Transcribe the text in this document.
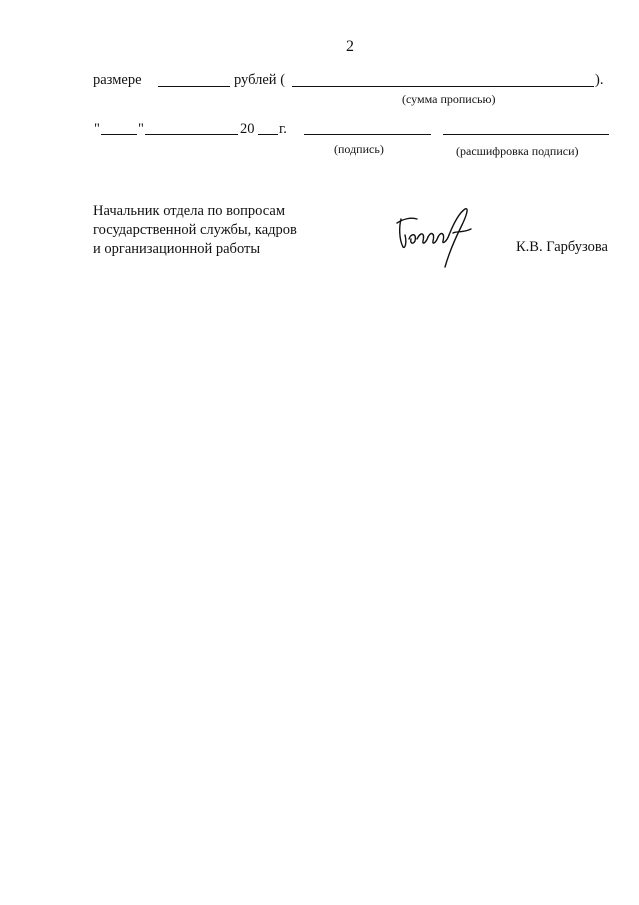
2
размере	рублей (	).
(сумма прописью)
"	"	20 г.
(подпись)	(расшифровка подписи)
Начальник отдела по вопросам
государственной службы, кадров
и организационной работы	К.В. Гарбузова
